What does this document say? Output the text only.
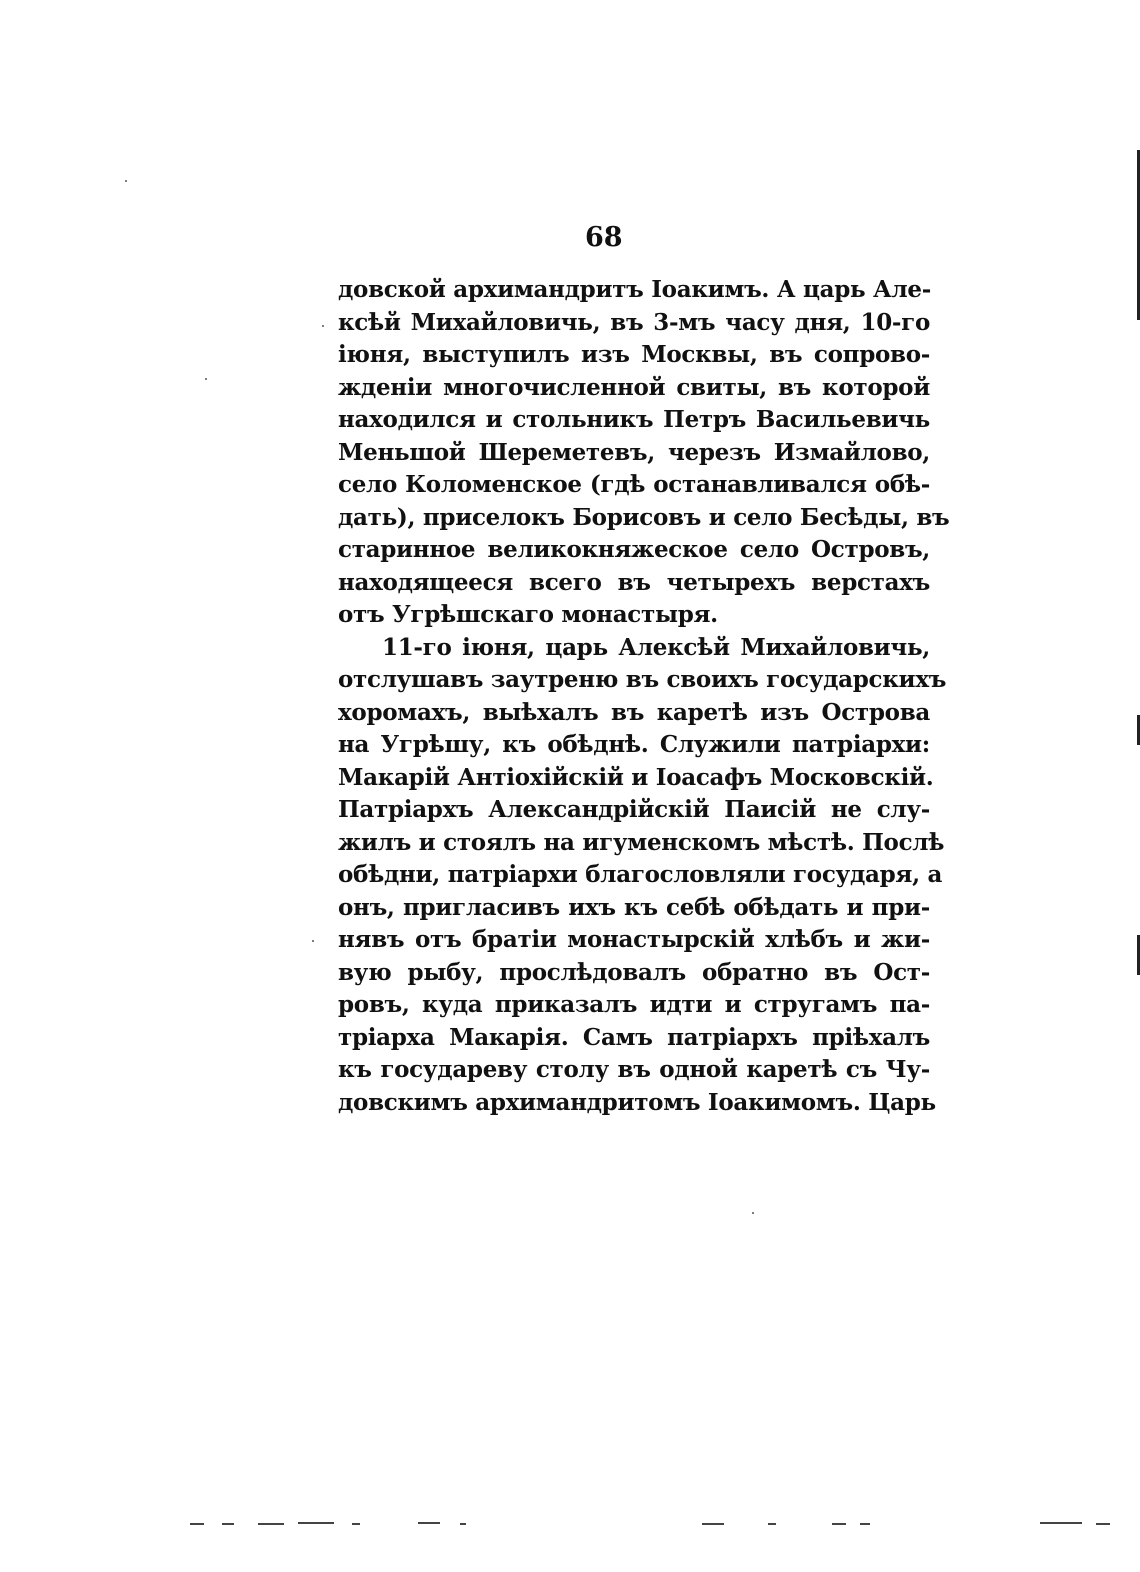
68
довской архимандритъ Іоакимъ. А царь Але-
ксѣй Михайловичь, въ 3-мъ часу дня, 10-го
іюня, выступилъ изъ Москвы, въ сопрово-
жденіи многочисленной свиты, въ которой
находился и стольникъ Петръ Васильевичь
Меньшой Шереметевъ, черезъ Измайлово,
село Коломенское (гдѣ останавливался обѣ-
дать), приселокъ Борисовъ и село Бесѣды, въ
старинное великокняжеское село Островъ,
находящееся всего въ четырехъ верстахъ
отъ Угрѣшскаго монастыря.
11-го іюня, царь Алексѣй Михайловичь,
отслушавъ заутреню въ своихъ государскихъ
хоромахъ, выѣхалъ въ каретѣ изъ Острова
на Угрѣшу, къ обѣднѣ. Служили патріархи:
Макарій Антіохійскій и Іоасафъ Московскій.
Патріархъ Александрійскій Паисій не слу-
жилъ и стоялъ на игуменскомъ мѣстѣ. Послѣ
обѣдни, патріархи благословляли государя, а
онъ, пригласивъ ихъ къ себѣ обѣдать и при-
нявъ отъ братіи монастырскій хлѣбъ и жи-
вую рыбу, прослѣдовалъ обратно въ Ост-
ровъ, куда приказалъ идти и стругамъ па-
тріарха Макарія. Самъ патріархъ пріѣхалъ
къ государеву столу въ одной каретѣ съ Чу-
довскимъ архимандритомъ Іоакимомъ. Царь
